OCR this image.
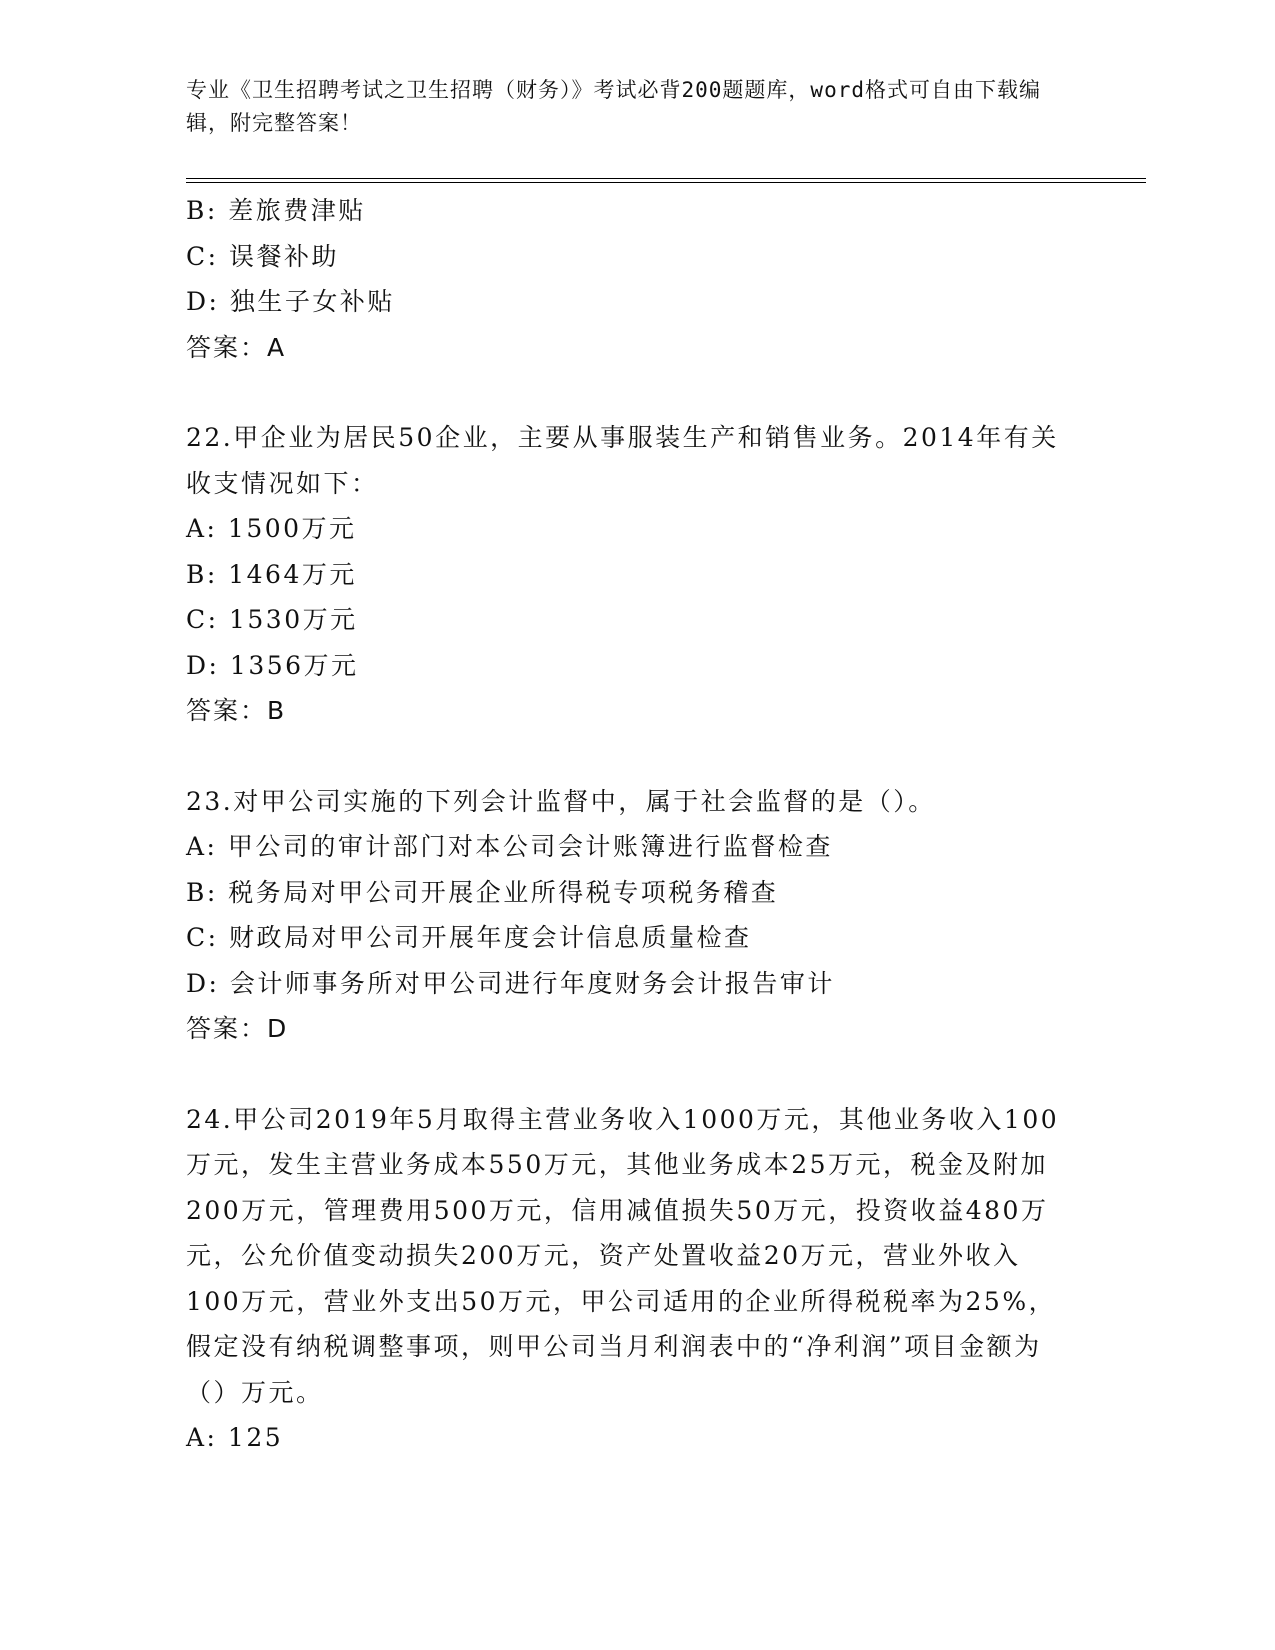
专业《卫生招聘考试之卫生招聘（财务）》考试必背200题题库，word格式可自由下载编辑，附完整答案！
B: 差旅费津贴
C: 误餐补助
D: 独生子女补贴
答案：A
22.甲企业为居民50企业，主要从事服装生产和销售业务。2014年有关收支情况如下：
A: 1500万元
B: 1464万元
C: 1530万元
D: 1356万元
答案：B
23.对甲公司实施的下列会计监督中，属于社会监督的是（）。
A: 甲公司的审计部门对本公司会计账簿进行监督检查
B: 税务局对甲公司开展企业所得税专项税务稽查
C: 财政局对甲公司开展年度会计信息质量检查
D: 会计师事务所对甲公司进行年度财务会计报告审计
答案：D
24.甲公司2019年5月取得主营业务收入1000万元，其他业务收入100万元，发生主营业务成本550万元，其他业务成本25万元，税金及附加200万元，管理费用500万元，信用减值损失50万元，投资收益480万元，公允价值变动损失200万元，资产处置收益20万元，营业外收入100万元，营业外支出50万元，甲公司适用的企业所得税税率为25%，假定没有纳税调整事项，则甲公司当月利润表中的“净利润”项目金额为（）万元。
A: 125
